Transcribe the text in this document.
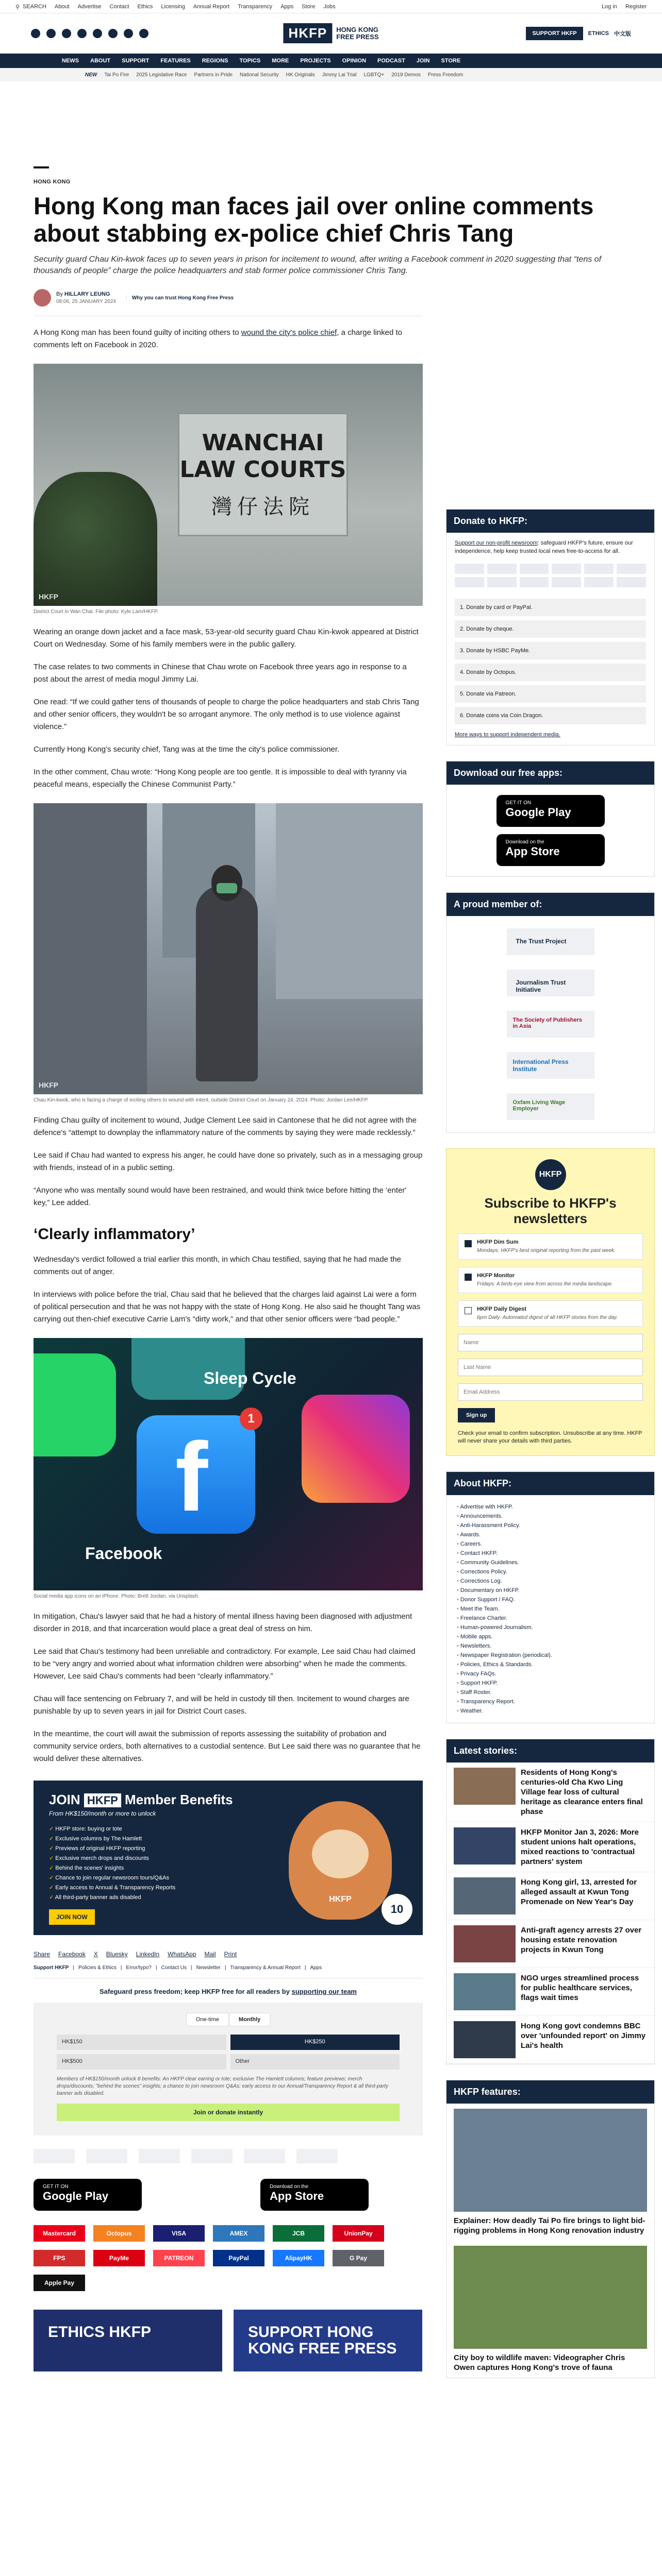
⚲ SEARCH About Advertise Contact Ethics Licensing Annual Report Transparency Apps Store Jobs	Log in Register
HKFP	HONG KONG
FREE PRESS	SUPPORT HKFP	ETHICS 中文版
NEWS ABOUT SUPPORT FEATURES REGIONS TOPICS MORE PROJECTS OPINION PODCAST JOIN STORE
NEW Tai Po Fire 2025 Legislative Race Partners in Pride National Security HK Originals Jimmy Lai Trial LGBTQ+ 2019 Demos Press Freedom
HONG KONG
Hong Kong man faces jail over online comments about stabbing ex-police chief Chris Tang
Security guard Chau Kin-kwok faces up to seven years in prison for incitement to wound, after writing a Facebook comment in 2020 suggesting that “tens of thousands of people” charge the police headquarters and stab former police commissioner Chris Tang.
By HILLARY LEUNG
08:06, 25 JANUARY 2024
Why you can trust Hong Kong Free Press

A Hong Kong man has been found guilty of inciting others to wound the city's police chief, a charge linked to comments left on Facebook in 2020.

WANCHAI
LAW COURTS
灣仔法院
HKFP
District Court in Wan Chai. File photo: Kyle Lam/HKFP.

Wearing an orange down jacket and a face mask, 53-year-old security guard Chau Kin-kwok appeared at District Court on Wednesday. Some of his family members were in the public gallery.

The case relates to two comments in Chinese that Chau wrote on Facebook three years ago in response to a post about the arrest of media mogul Jimmy Lai.

One read: “If we could gather tens of thousands of people to charge the police headquarters and stab Chris Tang and other senior officers, they wouldn't be so arrogant anymore. The only method is to use violence against violence.”

Currently Hong Kong's security chief, Tang was at the time the city's police commissioner.

In the other comment, Chau wrote: “Hong Kong people are too gentle. It is impossible to deal with tyranny via peaceful means, especially the Chinese Communist Party.”

HKFP
Chau Kin-kwok, who is facing a charge of inciting others to wound with intent, outside District Court on January 24, 2024. Photo: Jordan Lee/HKFP.

Finding Chau guilty of incitement to wound, Judge Clement Lee said in Cantonese that he did not agree with the defence's “attempt to downplay the inflammatory nature of the comments by saying they were made recklessly.”

Lee said if Chau had wanted to express his anger, he could have done so privately, such as in a messaging group with friends, instead of in a public setting.

“Anyone who was mentally sound would have been restrained, and would think twice before hitting the ‘enter' key,” Lee added.

‘Clearly inflammatory’

Wednesday's verdict followed a trial earlier this month, in which Chau testified, saying that he had made the comments out of anger.

In interviews with police before the trial, Chau said that he believed that the charges laid against Lai were a form of political persecution and that he was not happy with the state of Hong Kong. He also said he thought Tang was carrying out then-chief executive Carrie Lam's “dirty work,” and that other senior officers were “bad people.”

Sleep Cycle
f
1
Facebook
Social media app icons on an iPhone. Photo: Brett Jordan, via Unsplash.

In mitigation, Chau's lawyer said that he had a history of mental illness having been diagnosed with adjustment disorder in 2018, and that incarceration would place a great deal of stress on him.

Lee said that Chau's testimony had been unreliable and contradictory. For example, Lee said Chau had claimed to be “very angry and worried about what information children were absorbing” when he made the comments. However, Lee said Chau's comments had been “clearly inflammatory.”

Chau will face sentencing on February 7, and will be held in custody till then. Incitement to wound charges are punishable by up to seven years in jail for District Court cases.

In the meantime, the court will await the submission of reports assessing the suitability of probation and community service orders, both alternatives to a custodial sentence. But Lee said there was no guarantee that he would deliver these alternatives.

JOIN HKFP Member Benefits
From HK$150/month or more to unlock
✓ HKFP store: buying or tote
✓ Exclusive columns by The Hamlett
✓ Previews of original HKFP reporting
✓ Exclusive merch drops and discounts
✓ Behind the scenes' insights
✓ Chance to join regular newsroom tours/Q&As
✓ Early access to Annual & Transparency Reports
✓ All third-party banner ads disabled
JOIN NOW
HKFP
10
Share Facebook X Bluesky LinkedIn WhatsApp Mail Print
Support HKFP | Policies & Ethics | Error/typo? | Contact Us | Newsletter | Transparency & Annual Report | Apps
Safeguard press freedom; keep HKFP free for all readers by supporting our team
One-time	Monthly
HK$150	HK$250
HK$500	Other
Members of HK$150/month unlock 8 benefits: An HKFP clear earring or tote; exclusive The Hamlett columns; feature previews; merch drops/discounts; "behind the scenes" insights; a chance to join newsroom Q&As; early access to our Annual/Transparency Report & all third-party banner ads disabled.
Join or donate instantly
GET IT ON
Google Play
Download on the
App Store
Mastercard	Octopus	VISA	AMEX	JCB	UnionPay
FPS	PayMe	PATREON	PayPal	AlipayHK	G Pay
Apple Pay
ETHICS HKFP	SUPPORT HONG KONG FREE PRESS
Donate to HKFP:

Support our non-profit newsroom: safeguard HKFP's future, ensure our independence, help keep trusted local news free-to-access for all.

1. Donate by card or PayPal.
2. Donate by cheque.
3. Donate by HSBC PayMe.
4. Donate by Octopus.
5. Donate via Patreon.
6. Donate coins via Coin Dragon.
More ways to support independent media.
Download our free apps:
GET IT ON
Google Play
Download on the
App Store
A proud member of:
The Trust Project
Journalism Trust Initiative
The Society of Publishers in Asia
International Press Institute
Oxfam Living Wage Employer
HKFP
Subscribe to HKFP's newsletters
HKFP Dim Sum
Mondays: HKFP's best original reporting from the past week.
HKFP Monitor
Fridays: A birds-eye view from across the media landscape.
HKFP Daily Digest
6pm Daily: Automated digest of all HKFP stories from the day.
Name
Last Name
Email Address
Sign up
Check your email to confirm subscription. Unsubscribe at any time. HKFP will never share your details with third parties.
About HKFP:
• Advertise with HKFP.
• Announcements.
• Anti-Harassment Policy.
• Awards.
• Careers.
• Contact HKFP.
• Community Guidelines.
• Corrections Policy.
• Corrections Log.
• Documentary on HKFP.
• Donor Support / FAQ.
• Meet the Team.
• Freelance Charter.
• Human-powered Journalism.
• Mobile apps.
• Newsletters.
• Newspaper Registration (periodical).
• Policies, Ethics & Standards.
• Privacy FAQs.
• Support HKFP.
• Staff Roster.
• Transparency Report.
• Weather.
Latest stories:
Residents of Hong Kong's centuries-old Cha Kwo Ling Village fear loss of cultural heritage as clearance enters final phase
HKFP Monitor Jan 3, 2026: More student unions halt operations, mixed reactions to 'contractual partners' system
Hong Kong girl, 13, arrested for alleged assault at Kwun Tong Promenade on New Year's Day
Anti-graft agency arrests 27 over housing estate renovation projects in Kwun Tong
NGO urges streamlined process for public healthcare services, flags wait times
Hong Kong govt condemns BBC over 'unfounded report' on Jimmy Lai's health
HKFP features:
Explainer: How deadly Tai Po fire brings to light bid-rigging problems in Hong Kong renovation industry
City boy to wildlife maven: Videographer Chris Owen captures Hong Kong's trove of fauna
